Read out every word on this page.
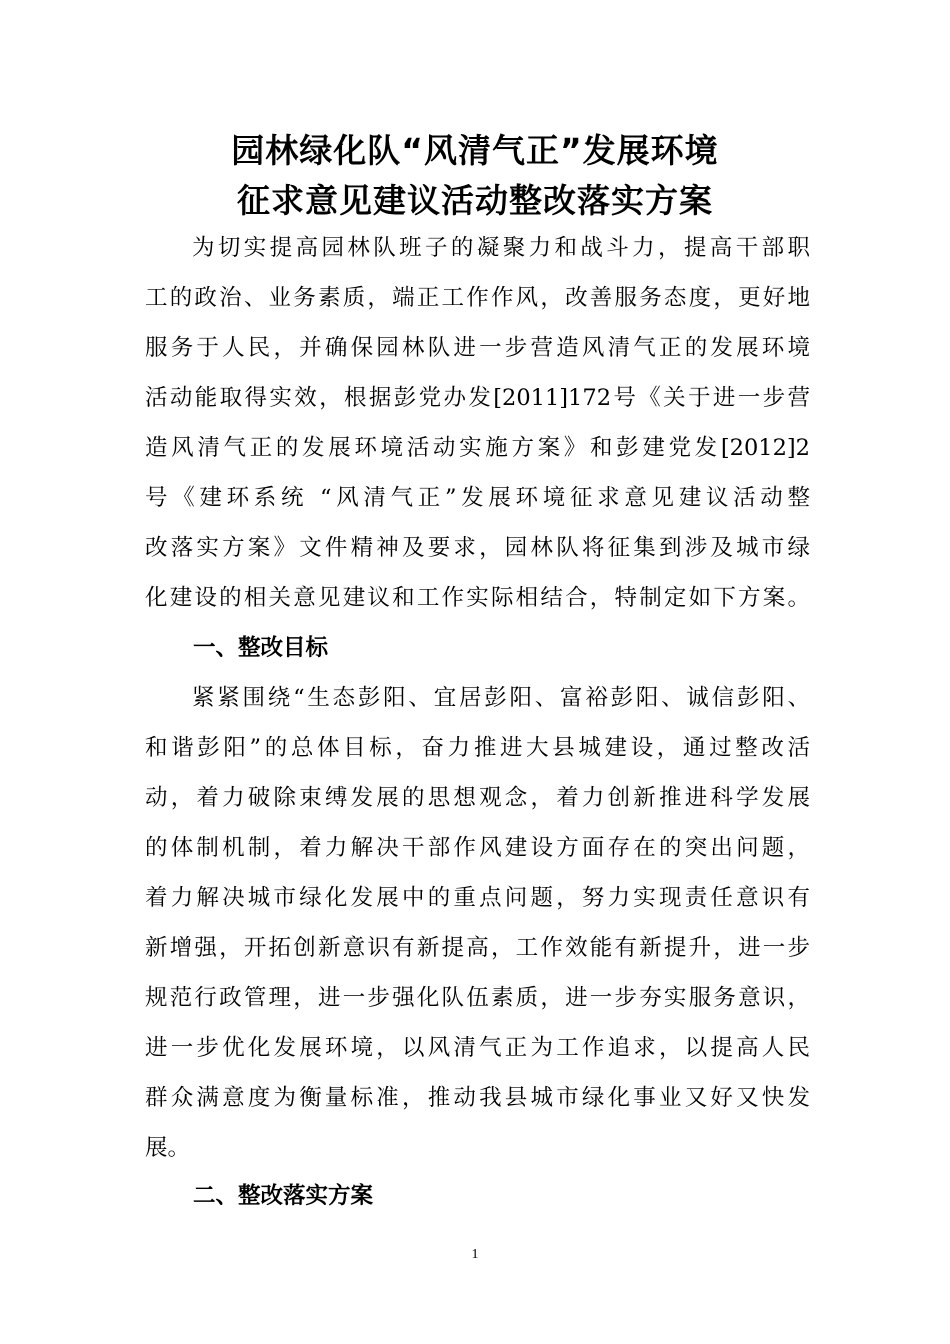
园林绿化队“风清气正”发展环境
征求意见建议活动整改落实方案
为切实提高园林队班子的凝聚力和战斗力，提高干部职
工的政治、业务素质，端正工作作风，改善服务态度，更好地
服务于人民，并确保园林队进一步营造风清气正的发展环境
活动能取得实效，根据彭党办发[2011]172号《关于进一步营
造风清气正的发展环境活动实施方案》和彭建党发[2012]2
号《建环系统 “风清气正”发展环境征求意见建议活动整
改落实方案》文件精神及要求，园林队将征集到涉及城市绿
化建设的相关意见建议和工作实际相结合，特制定如下方案。
一、整改目标
紧紧围绕“生态彭阳、宜居彭阳、富裕彭阳、诚信彭阳、
和谐彭阳”的总体目标，奋力推进大县城建设，通过整改活
动，着力破除束缚发展的思想观念，着力创新推进科学发展
的体制机制，着力解决干部作风建设方面存在的突出问题，
着力解决城市绿化发展中的重点问题，努力实现责任意识有
新增强，开拓创新意识有新提高，工作效能有新提升，进一步
规范行政管理，进一步强化队伍素质，进一步夯实服务意识，
进一步优化发展环境，以风清气正为工作追求，以提高人民
群众满意度为衡量标准，推动我县城市绿化事业又好又快发
展。
二、整改落实方案
1
